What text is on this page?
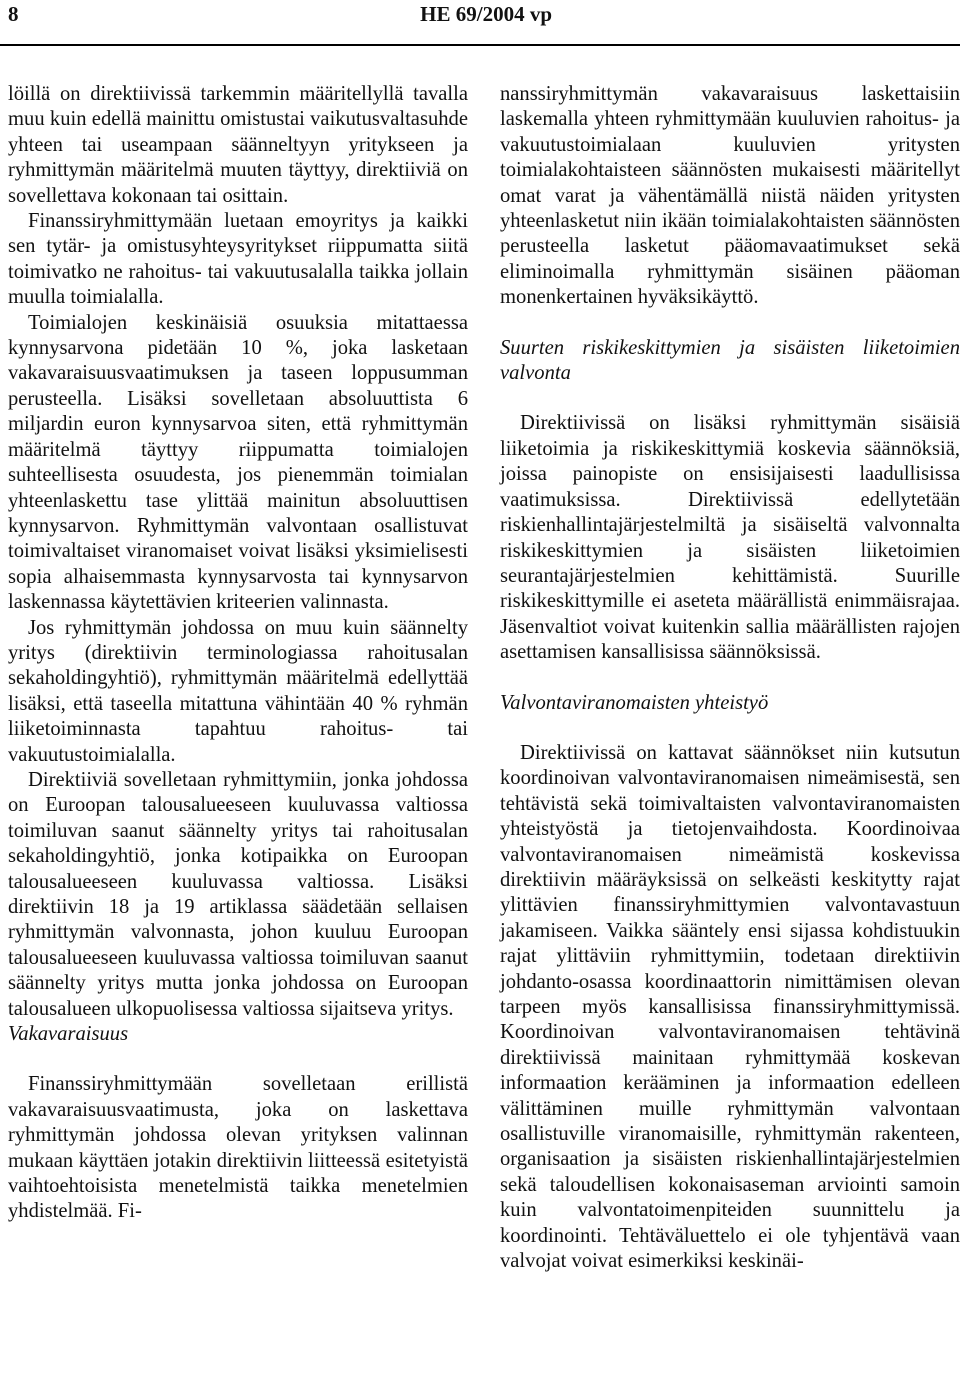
8	HE 69/2004 vp

löillä on direktiivissä tarkemmin määritellyllä tavalla muu kuin edellä mainittu omistustai vaikutusvaltasuhde yhteen tai useampaan säänneltyyn yritykseen ja ryhmittymän määritelmä muuten täyttyy, direktiiviä on sovellettava kokonaan tai osittain.

Finanssiryhmittymään luetaan emoyritys ja kaikki sen tytär- ja omistusyhteysyritykset riippumatta siitä toimivatko ne rahoitus- tai vakuutusalalla taikka jollain muulla toimialalla.

Toimialojen keskinäisiä osuuksia mitattaessa kynnysarvona pidetään 10 %, joka lasketaan vakavaraisuusvaatimuksen ja taseen loppusumman perusteella. Lisäksi sovelletaan absoluuttista 6 miljardin euron kynnysarvoa siten, että ryhmittymän määritelmä täyttyy riippumatta toimialojen suhteellisesta osuudesta, jos pienemmän toimialan yhteenlaskettu tase ylittää mainitun absoluuttisen kynnysarvon. Ryhmittymän valvontaan osallistuvat toimivaltaiset viranomaiset voivat lisäksi yksimielisesti sopia alhaisemmasta kynnysarvosta tai kynnysarvon laskennassa käytettävien kriteerien valinnasta.

Jos ryhmittymän johdossa on muu kuin säännelty yritys (direktiivin terminologiassa rahoitusalan sekaholdingyhtiö), ryhmittymän määritelmä edellyttää lisäksi, että taseella mitattuna vähintään 40 % ryhmän liiketoiminnasta tapahtuu rahoitus- tai vakuutustoimialalla.

Direktiiviä sovelletaan ryhmittymiin, jonka johdossa on Euroopan talousalueeseen kuuluvassa valtiossa toimiluvan saanut säännelty yritys tai rahoitusalan sekaholdingyhtiö, jonka kotipaikka on Euroopan talousalueeseen kuuluvassa valtiossa. Lisäksi direktiivin 18 ja 19 artiklassa säädetään sellaisen ryhmittymän valvonnasta, johon kuuluu Euroopan talousalueeseen kuuluvassa valtiossa toimiluvan saanut säännelty yritys mutta jonka johdossa on Euroopan talousalueen ulkopuolisessa valtiossa sijaitseva yritys.

Vakavaraisuus

Finanssiryhmittymään sovelletaan erillistä vakavaraisuusvaatimusta, joka on laskettava ryhmittymän johdossa olevan yrityksen valinnan mukaan käyttäen jotakin direktiivin liitteessä esitetyistä vaihtoehtoisista menetelmistä taikka menetelmien yhdistelmää. Fi-

nanssiryhmittymän vakavaraisuus laskettaisiin laskemalla yhteen ryhmittymään kuuluvien rahoitus- ja vakuutustoimialaan kuuluvien yritysten toimialakohtaisteen säännösten mukaisesti määritellyt omat varat ja vähentämällä niistä näiden yritysten yhteenlasketut niin ikään toimialakohtaisten säännösten perusteella lasketut pääomavaatimukset sekä eliminoimalla ryhmittymän sisäinen pääoman monenkertainen hyväksikäyttö.

Suurten riskikeskittymien ja sisäisten liiketoimien valvonta

Direktiivissä on lisäksi ryhmittymän sisäisiä liiketoimia ja riskikeskittymiä koskevia säännöksiä, joissa painopiste on ensisijaisesti laadullisissa vaatimuksissa. Direktiivissä edellytetään riskienhallintajärjestelmiltä ja sisäiseltä valvonnalta riskikeskittymien ja sisäisten liiketoimien seurantajärjestelmien kehittämistä. Suurille riskikeskittymille ei aseteta määrällistä enimmäisrajaa. Jäsenvaltiot voivat kuitenkin sallia määrällisten rajojen asettamisen kansallisissa säännöksissä.

Valvontaviranomaisten yhteistyö

Direktiivissä on kattavat säännökset niin kutsutun koordinoivan valvontaviranomaisen nimeämisestä, sen tehtävistä sekä toimivaltaisten valvontaviranomaisten yhteistyöstä ja tietojenvaihdosta. Koordinoivaa valvontaviranomaisen nimeämistä koskevissa direktiivin määräyksissä on selkeästi keskitytty rajat ylittävien finanssiryhmittymien valvontavastuun jakamiseen. Vaikka sääntely ensi sijassa kohdistuukin rajat ylittäviin ryhmittymiin, todetaan direktiivin johdanto-osassa koordinaattorin nimittämisen olevan tarpeen myös kansallisissa finanssiryhmittymissä. Koordinoivan valvontaviranomaisen tehtävinä direktiivissä mainitaan ryhmittymää koskevan informaation kerääminen ja informaation edelleen välittäminen muille ryhmittymän valvontaan osallistuville viranomaisille, ryhmittymän rakenteen, organisaation ja sisäisten riskienhallintajärjestelmien sekä taloudellisen kokonaisaseman arviointi samoin kuin valvontatoimenpiteiden suunnittelu ja koordinointi. Tehtäväluettelo ei ole tyhjentävä vaan valvojat voivat esimerkiksi keskinäi-
